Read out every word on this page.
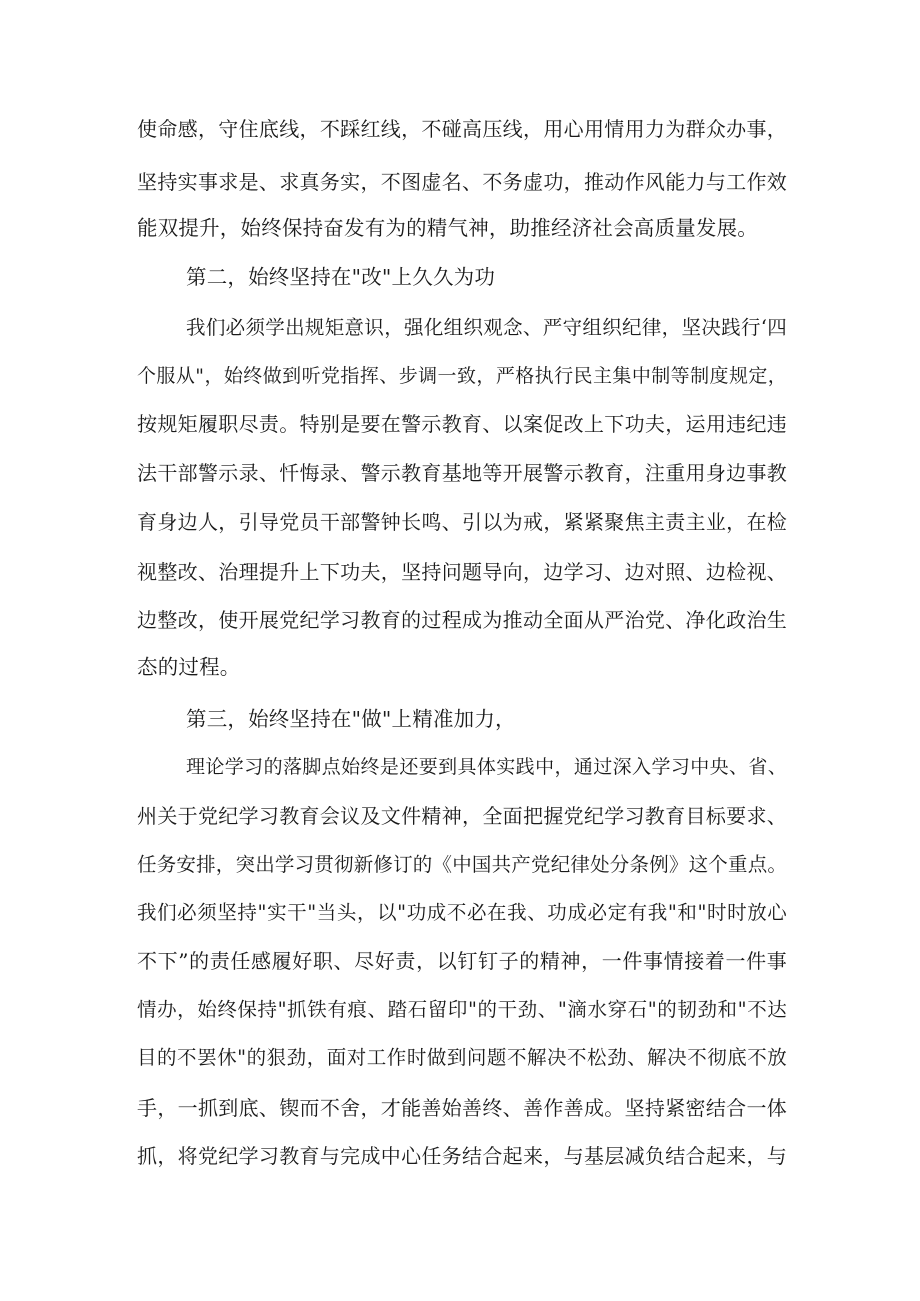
使命感，守住底线，不踩红线，不碰高压线，用心用情用力为群众办事，
坚持实事求是、求真务实，不图虚名、不务虚功，推动作风能力与工作效
能双提升，始终保持奋发有为的精气神，助推经济社会高质量发展。
第二，始终坚持在"改"上久久为功
我们必须学出规矩意识，强化组织观念、严守组织纪律，坚决践行‘四
个服从"，始终做到听党指挥、步调一致，严格执行民主集中制等制度规定，
按规矩履职尽责。特别是要在警示教育、以案促改上下功夫，运用违纪违
法干部警示录、忏悔录、警示教育基地等开展警示教育，注重用身边事教
育身边人，引导党员干部警钟长鸣、引以为戒，紧紧聚焦主责主业，在检
视整改、治理提升上下功夫，坚持问题导向，边学习、边对照、边检视、
边整改，使开展党纪学习教育的过程成为推动全面从严治党、净化政治生
态的过程。
第三，始终坚持在"做"上精准加力，
理论学习的落脚点始终是还要到具体实践中，通过深入学习中央、省、
州关于党纪学习教育会议及文件精神，全面把握党纪学习教育目标要求、
任务安排，突出学习贯彻新修订的《中国共产党纪律处分条例》这个重点。
我们必须坚持"实干"当头，以"功成不必在我、功成必定有我"和"时时放心
不下”的责任感履好职、尽好责，以钉钉子的精神，一件事情接着一件事
情办，始终保持"抓铁有痕、踏石留印"的干劲、"滴水穿石"的韧劲和"不达
目的不罢休"的狠劲，面对工作时做到问题不解决不松劲、解决不彻底不放
手，一抓到底、锲而不舍，才能善始善终、善作善成。坚持紧密结合一体
抓，将党纪学习教育与完成中心任务结合起来，与基层减负结合起来，与
